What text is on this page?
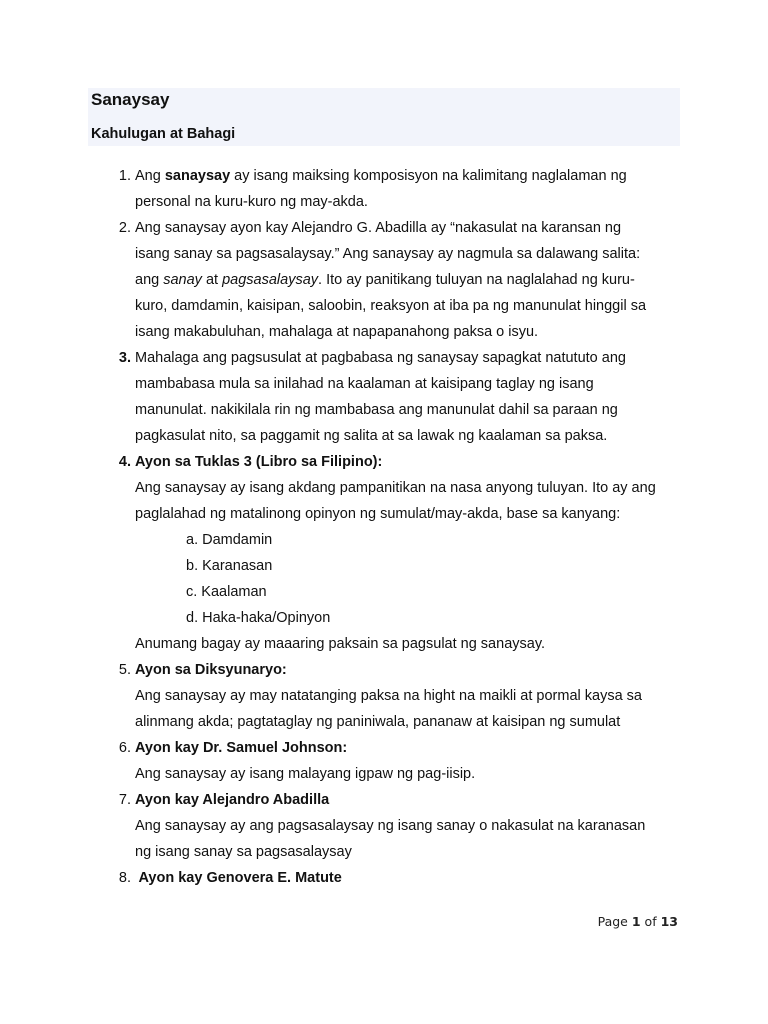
Sanaysay
Kahulugan at Bahagi
1. Ang sanaysay ay isang maiksing komposisyon na kalimitang naglalaman ng
personal na kuru-kuro ng may-akda.
2. Ang sanaysay ayon kay Alejandro G. Abadilla ay “nakasulat na karansan ng
isang sanay sa pagsasalaysay.” Ang sanaysay ay nagmula sa dalawang salita:
ang sanay at pagsasalaysay. Ito ay panitikang tuluyan na naglalahad ng kuru-
kuro, damdamin, kaisipan, saloobin, reaksyon at iba pa ng manunulat hinggil sa
isang makabuluhan, mahalaga at napapanahong paksa o isyu.
3. Mahalaga ang pagsusulat at pagbabasa ng sanaysay sapagkat natututo ang
mambabasa mula sa inilahad na kaalaman at kaisipang taglay ng isang
manunulat. nakikilala rin ng mambabasa ang manunulat dahil sa paraan ng
pagkasulat nito, sa paggamit ng salita at sa lawak ng kaalaman sa paksa.
4. Ayon sa Tuklas 3 (Libro sa Filipino):
Ang sanaysay ay isang akdang pampanitikan na nasa anyong tuluyan. Ito ay ang
paglalahad ng matalinong opinyon ng sumulat/may-akda, base sa kanyang:
a. Damdamin
b. Karanasan
c. Kaalaman
d. Haka-haka/Opinyon
Anumang bagay ay maaaring paksain sa pagsulat ng sanaysay.
5. Ayon sa Diksyunaryo:
Ang sanaysay ay may natatanging paksa na hight na maikli at pormal kaysa sa
alinmang akda; pagtataglay ng paniniwala, pananaw at kaisipan ng sumulat
6. Ayon kay Dr. Samuel Johnson:
Ang sanaysay ay isang malayang igpaw ng pag-iisip.
7. Ayon kay Alejandro Abadilla
Ang sanaysay ay ang pagsasalaysay ng isang sanay o nakasulat na karanasan
ng isang sanay sa pagsasalaysay
8. Ayon kay Genovera E. Matute
Page 1 of 13
